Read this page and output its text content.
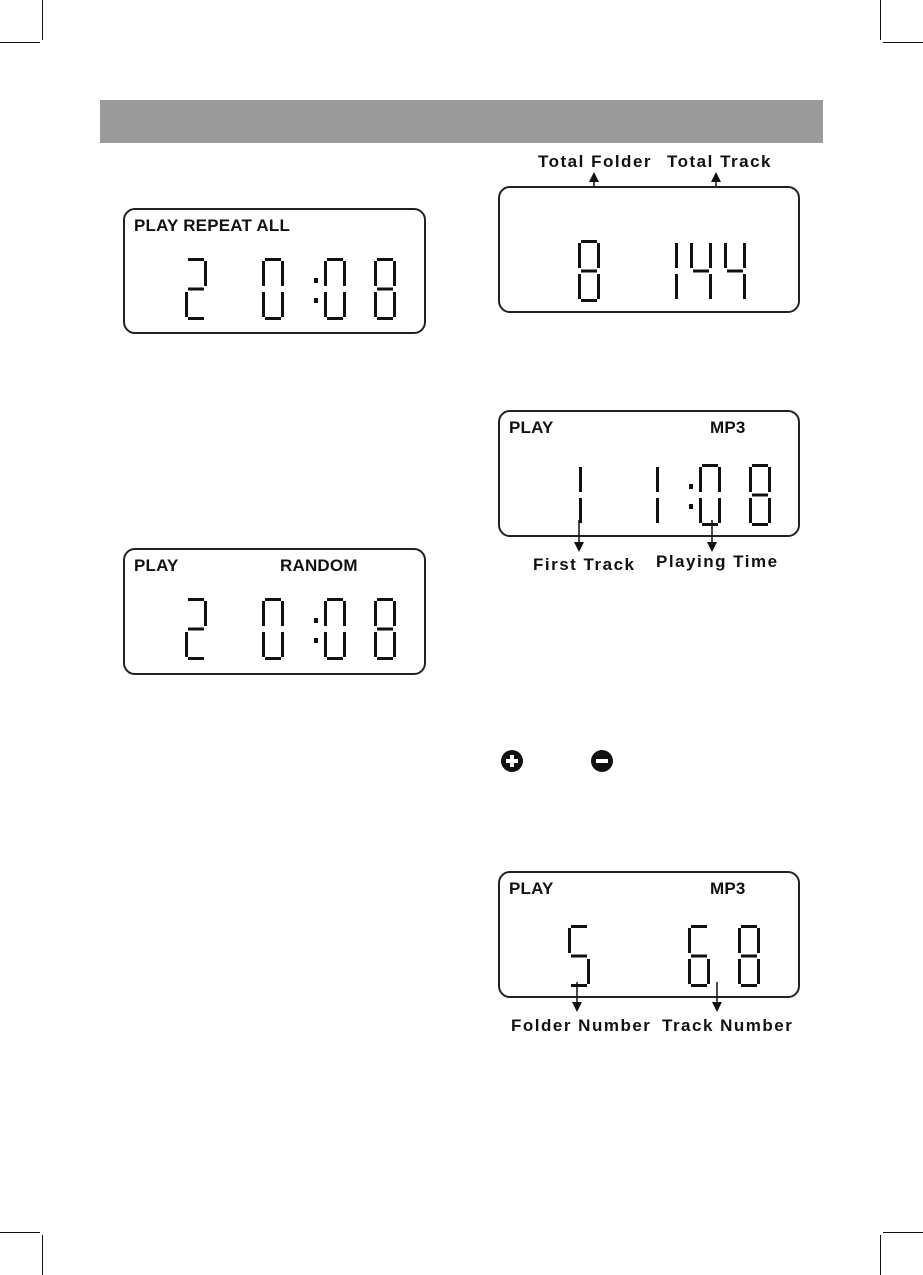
PLAY REPEAT ALL
PLAY	RANDOM
Total Folder Total Track
PLAY	MP3
First Track Playing Time
PLAY	MP3
Folder Number Track Number
